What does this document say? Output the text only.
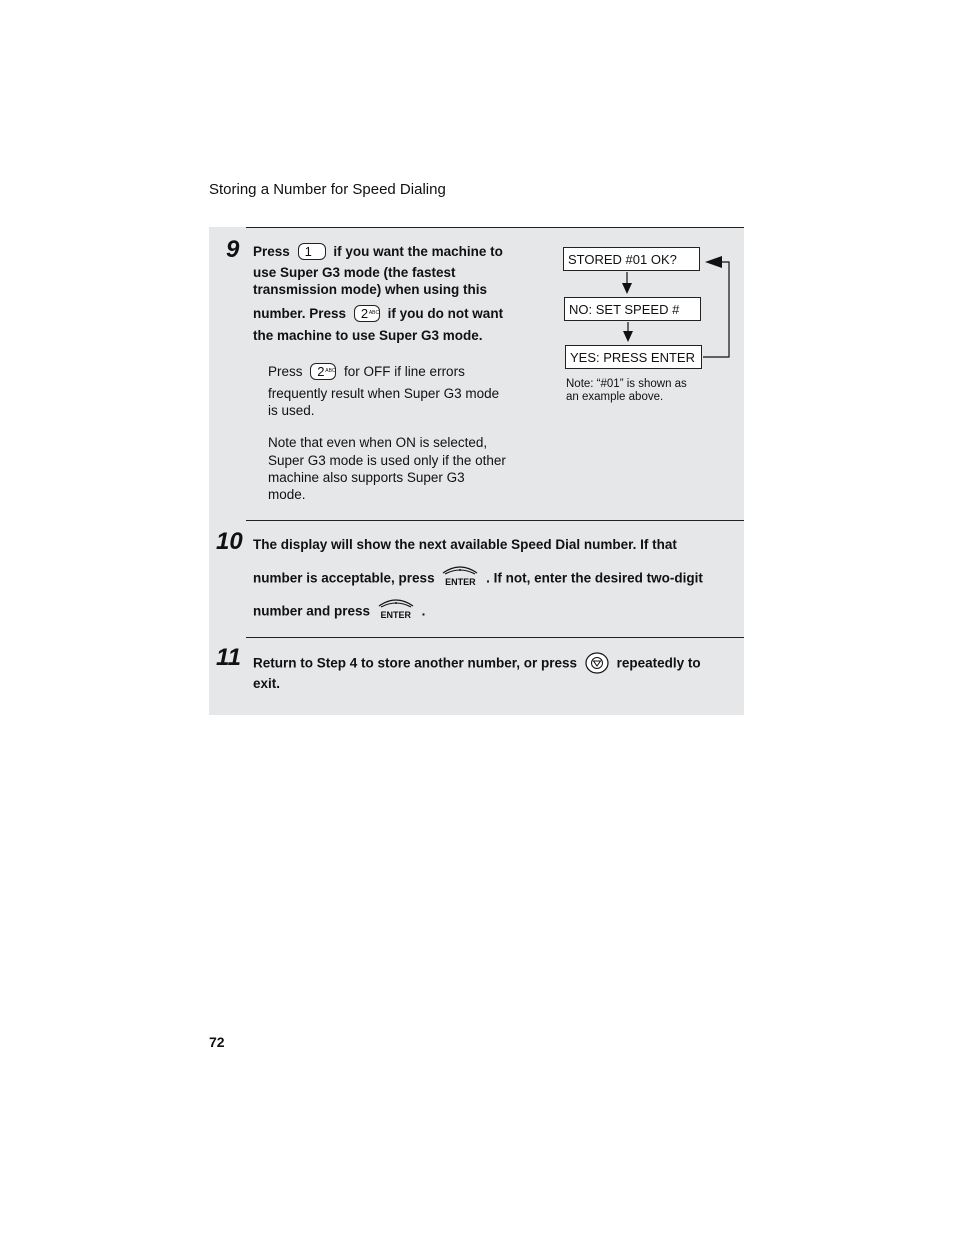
Storing a Number for Speed Dialing
9 Press 1 if you want the machine to
use Super G3 mode (the fastest
transmission mode) when using this
number. Press 2 ABC if you do not want
the machine to use Super G3 mode.
Press 2 ABC for OFF if line errors
frequently result when Super G3 mode
is used.
Note that even when ON is selected,
Super G3 mode is used only if the other
machine also supports Super G3
mode.
STORED #01 OK?
NO: SET SPEED #
YES: PRESS ENTER
Note: “#01” is shown as
an example above.
10 The display will show the next available Speed Dial number. If that
number is acceptable, press	ENTER . If not, enter the desired two-digit
number and press	ENTER .
11 Return to Step 4 to store another number, or press	repeatedly to
exit.
72
